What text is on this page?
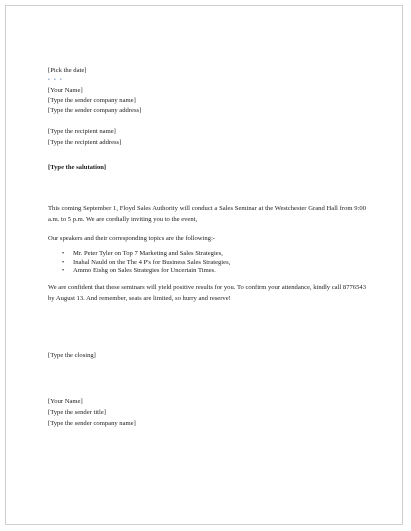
[Pick the date]
• • •
[Your Name]
[Type the sender company name]
[Type the sender company address]
[Type the recipient name]
[Type the recipient address]
[Type the salutation]
This coming September 1, Floyd Sales Authority will conduct a Sales Seminar at the Westchester Grand Hall from 9:00 a.m. to 5 p.m. We are cordially inviting you to the event,
Our speakers and their corresponding topics are the following:-
• Mr. Peter Tyler on Top 7 Marketing and Sales Strategies,
• Inahal Nauld on the The 4 P's for Business Sales Strategies,
• Ammo Eishg on Sales Strategies for Uncertain Times.
We are confident that these seminars will yield positive results for you. To confirm your attendance, kindly call 8776543 by August 13. And remember, seats are limited, so hurry and reserve!
[Type the closing]
[Your Name]
[Type the sender title]
[Type the sender company name]
